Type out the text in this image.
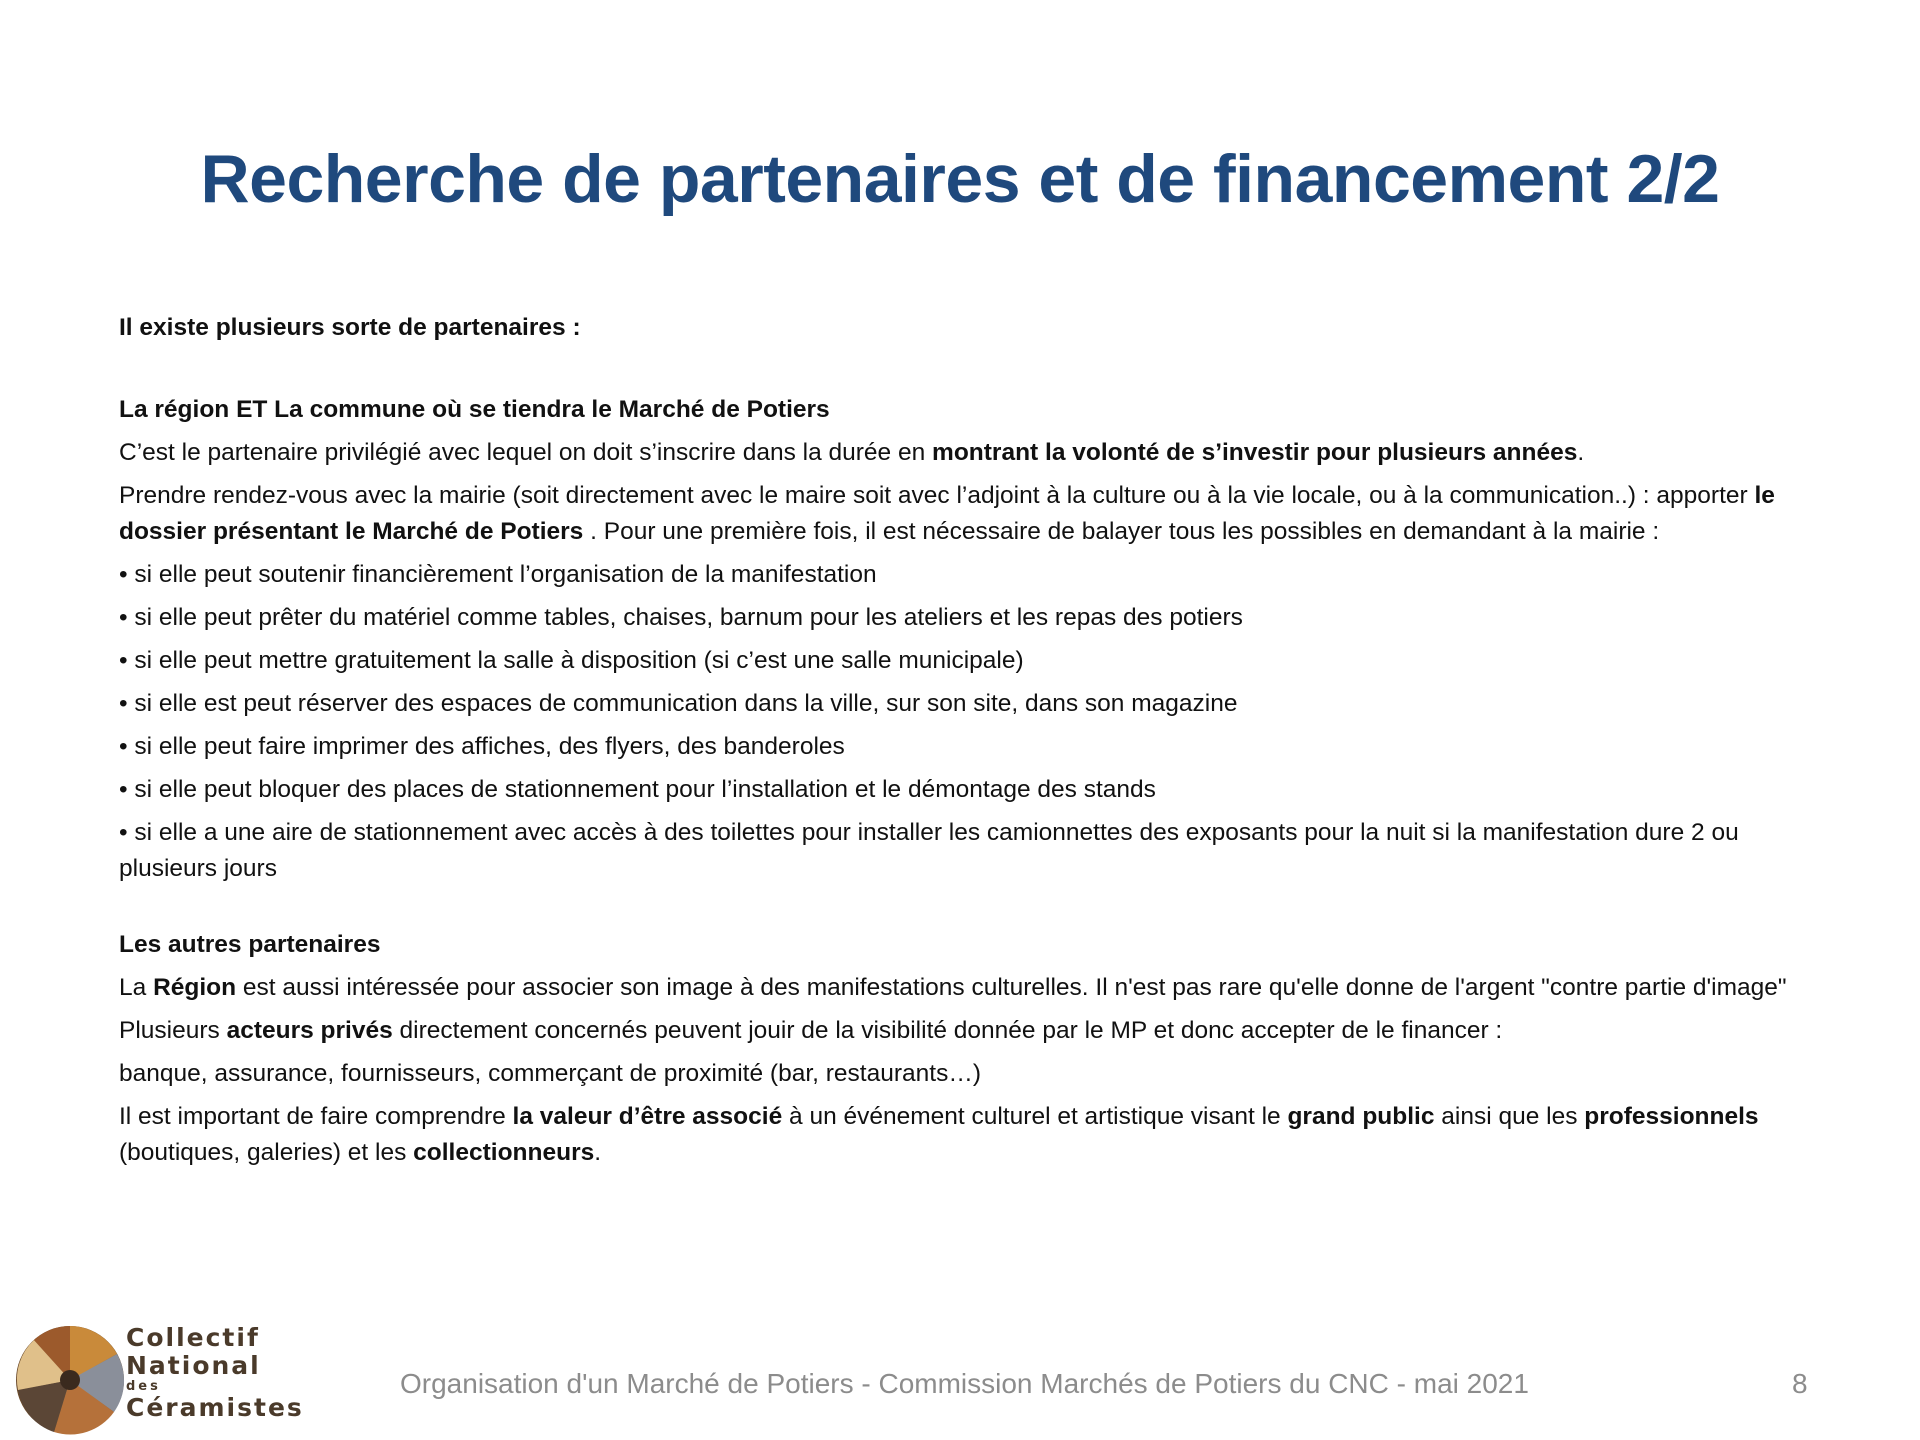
Recherche de partenaires et de financement 2/2

Il existe plusieurs sorte de partenaires :

La région ET La commune où se tiendra le Marché de Potiers

C’est le partenaire privilégié avec lequel on doit s’inscrire dans la durée en montrant la volonté de s’investir pour plusieurs années.

Prendre rendez-vous avec la mairie (soit directement avec le maire soit avec l’adjoint à la culture ou à la vie locale, ou à la communication..) : apporter le dossier présentant le Marché de Potiers . Pour une première fois, il est nécessaire de balayer tous les possibles en demandant à la mairie :

• si elle peut soutenir financièrement l’organisation de la manifestation

• si elle peut prêter du matériel comme tables, chaises, barnum pour les ateliers et les repas des potiers

• si elle peut mettre gratuitement la salle à disposition (si c’est une salle municipale)

• si elle est peut réserver des espaces de communication dans la ville, sur son site, dans son magazine

• si elle peut faire imprimer des affiches, des flyers, des banderoles

• si elle peut bloquer des places de stationnement pour l’installation et le démontage des stands

• si elle a une aire de stationnement avec accès à des toilettes pour installer les camionnettes des exposants pour la nuit si la manifestation dure 2 ou plusieurs jours

Les autres partenaires

La Région est aussi intéressée pour associer son image à des manifestations culturelles. Il n'est pas rare qu'elle donne de l'argent "contre partie d'image"

Plusieurs acteurs privés directement concernés peuvent jouir de la visibilité donnée par le MP et donc accepter de le financer :

banque, assurance, fournisseurs, commerçant de proximité (bar, restaurants…)

Il est important de faire comprendre la valeur d’être associé à un événement culturel et artistique visant le grand public ainsi que les professionnels (boutiques, galeries) et les collectionneurs.

Collectif
National
des
Céramistes
Organisation d'un Marché de Potiers - Commission Marchés de Potiers du CNC - mai 2021	8
